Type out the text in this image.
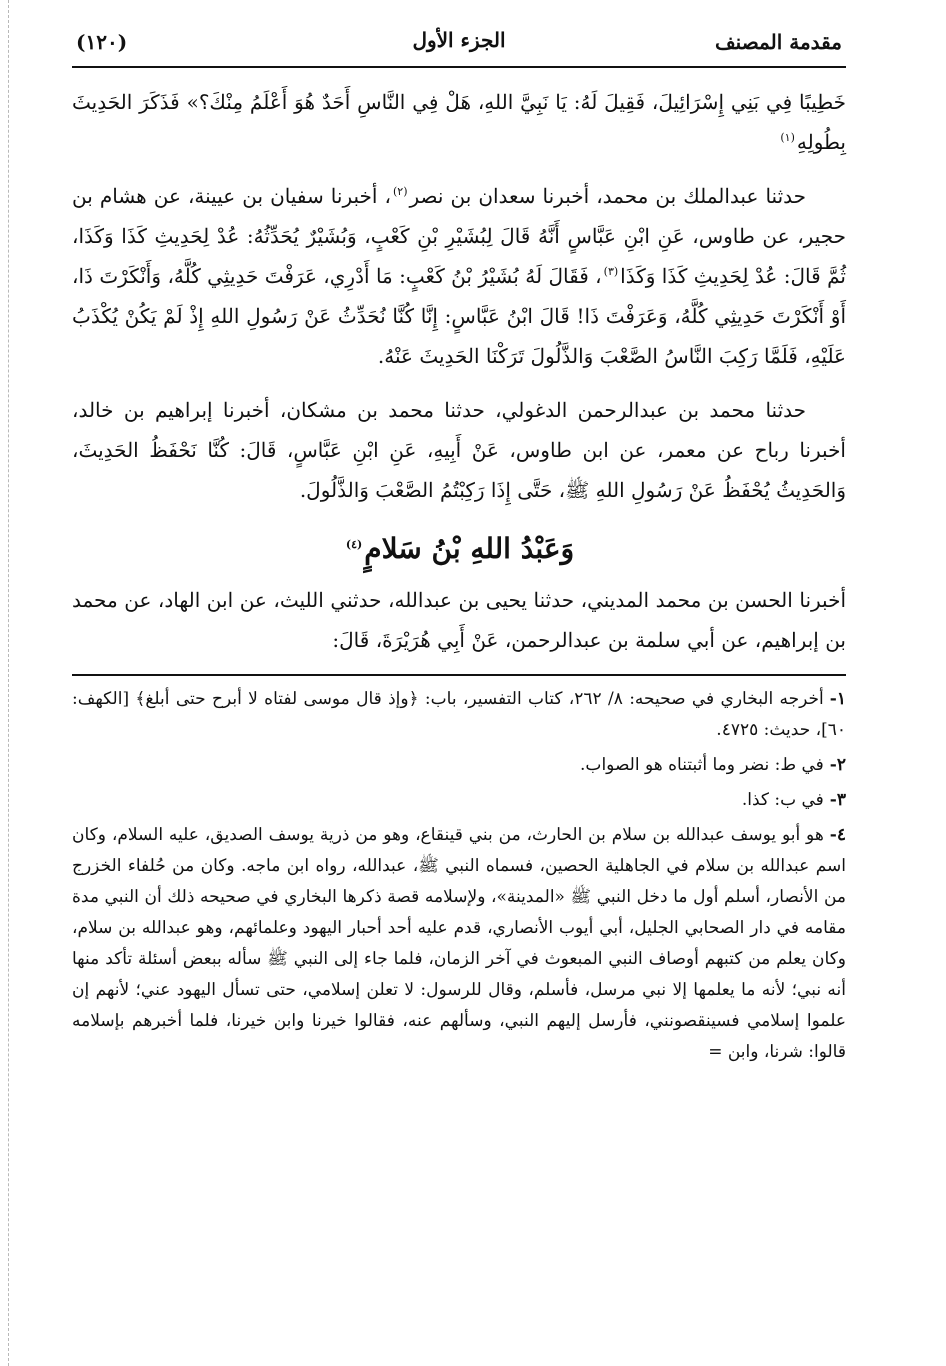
(١٢٠)	الجزء الأول	مقدمة المصنف

خَطِيبًا فِي بَنِي إِسْرَائِيلَ، فَقِيلَ لَهُ: يَا نَبِيَّ اللهِ، هَلْ فِي النَّاسِ أَحَدٌ هُوَ أَعْلَمُ مِنْكَ؟» فَذَكَرَ الحَدِيثَ بِطُولِهِ$^{(١)}$

حدثنا عبدالملك بن محمد، أخبرنا سعدان بن نصر$^{(٢)}$، أخبرنا سفيان بن عيينة، عن هشام بن حجير، عن طاوس، عَنِ ابْنِ عَبَّاسٍ أَنَّهُ قَالَ لِبُشَيْرِ بْنِ كَعْبٍ، وَبُشَيْرٌ يُحَدِّثُهُ: عُدْ لِحَدِيثِ كَذَا وَكَذَا، ثُمَّ قَالَ: عُدْ لِحَدِيثِ كَذَا وَكَذَا$^{(٣)}$، فَقَالَ لَهُ بُشَيْرُ بْنُ كَعْبٍ: مَا أَدْرِي، عَرَفْتَ حَدِيثِي كُلَّهُ، وَأَنْكَرْتَ ذَا، أَوْ أَنْكَرْتَ حَدِيثِي كُلَّهُ، وَعَرَفْتَ ذَا! قَالَ ابْنُ عَبَّاسٍ: إِنَّا كُنَّا نُحَدِّثُ عَنْ رَسُولِ اللهِ إِذْ لَمْ يَكُنْ يُكْذَبُ عَلَيْهِ، فَلَمَّا رَكِبَ النَّاسُ الصَّعْبَ وَالذَّلُولَ تَرَكْنَا الحَدِيثَ عَنْهُ.

حدثنا محمد بن عبدالرحمن الدغولي، حدثنا محمد بن مشكان، أخبرنا إبراهيم بن خالد، أخبرنا رباح عن معمر، عن ابن طاوس، عَنْ أَبِيهِ، عَنِ ابْنِ عَبَّاسٍ، قَالَ: كُنَّا نَحْفَظُ الحَدِيثَ، وَالحَدِيثُ يُحْفَظُ عَنْ رَسُولِ اللهِ ﷺ، حَتَّى إِذَا رَكِبْتُمُ الصَّعْبَ وَالذَّلُولَ.

وَعَبْدُ اللهِ بْنُ سَلامٍ$^{(٤)}$

أخبرنا الحسن بن محمد المديني، حدثنا يحيى بن عبدالله، حدثني الليث، عن ابن الهاد، عن محمد بن إبراهيم، عن أبي سلمة بن عبدالرحمن، عَنْ أَبِي هُرَيْرَةَ، قَالَ:

١-أخرجه البخاري في صحيحه: ٨/ ٢٦٢، كتاب التفسير، باب: ﴿وإذ قال موسى لفتاه لا أبرح حتى أبلغ﴾ [الكهف: ٦٠]، حديث: ٤٧٢٥.
٢-في ط: نضر وما أثبتناه هو الصواب.
٣-في ب: كذا.
٤-هو أبو يوسف عبدالله بن سلام بن الحارث، من بني قينقاع، وهو من ذرية يوسف الصديق، عليه السلام، وكان اسم عبدالله بن سلام في الجاهلية الحصين، فسماه النبي ﷺ، عبدالله، رواه ابن ماجه. وكان من حُلفاء الخزرج من الأنصار، أسلم أول ما دخل النبي ﷺ «المدينة»، ولإسلامه قصة ذكرها البخاري في صحيحه ذلك أن النبي مدة مقامه في دار الصحابي الجليل، أبي أيوب الأنصاري، قدم عليه أحد أحبار اليهود وعلمائهم، وهو عبدالله بن سلام، وكان يعلم من كتبهم أوصاف النبي المبعوث في آخر الزمان، فلما جاء إلى النبي ﷺ سأله ببعض أسئلة تأكد منها أنه نبي؛ لأنه ما يعلمها إلا نبي مرسل، فأسلم، وقال للرسول: لا تعلن إسلامي، حتى تسأل اليهود عني؛ لأنهم إن علموا إسلامي فسينقصونني، فأرسل إليهم النبي، وسألهم عنه، فقالوا خيرنا وابن خيرنا، فلما أخبرهم بإسلامه قالوا: شرنا، وابن =
